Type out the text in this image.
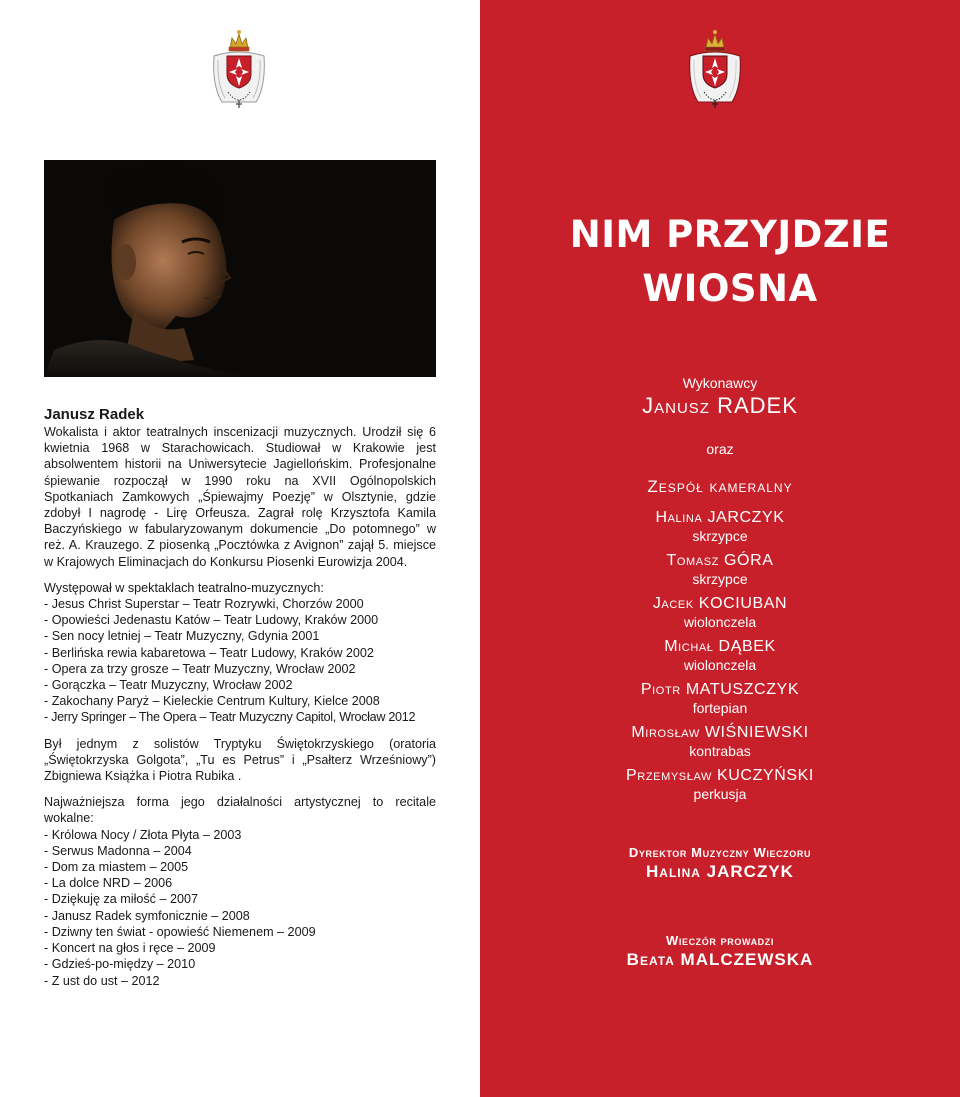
Janusz Radek

Wokalista i aktor teatralnych inscenizacji muzycznych. Urodził się 6 kwietnia 1968 w Starachowicach. Studiował w Krakowie jest absolwentem historii na Uniwersytecie Jagiellońskim. Profesjonalne śpiewanie rozpoczął w 1990 roku na XVII Ogólnopolskich Spotkaniach Zamkowych „Śpiewajmy Poezję” w Olsztynie, gdzie zdobył I nagrodę - Lirę Orfeusza. Zagrał rolę Krzysztofa Kamila Baczyńskiego w fabularyzowanym dokumencie „Do potomnego” w reż. A. Krauzego. Z piosenką „Pocztówka z Avignon” zajął 5. miejsce w Krajowych Eliminacjach do Konkursu Piosenki Eurowizja 2004.

Występował w spektaklach teatralno-muzycznych:

- Jesus Christ Superstar – Teatr Rozrywki, Chorzów 2000
- Opowieści Jedenastu Katów – Teatr Ludowy, Kraków 2000
- Sen nocy letniej – Teatr Muzyczny, Gdynia 2001
- Berlińska rewia kabaretowa – Teatr Ludowy, Kraków 2002
- Opera za trzy grosze – Teatr Muzyczny, Wrocław 2002
- Gorączka – Teatr Muzyczny, Wrocław 2002
- Zakochany Paryż – Kieleckie Centrum Kultury, Kielce 2008
- Jerry Springer – The Opera – Teatr Muzyczny Capitol, Wrocław 2012

Był jednym z solistów Tryptyku Świętokrzyskiego (oratoria „Świętokrzyska Golgota”, „Tu es Petrus” i „Psałterz Wrześniowy”) Zbigniewa Książka i Piotra Rubika .

Najważniejsza forma jego działalności artystycznej to recitale wokalne:

- Królowa Nocy / Złota Płyta – 2003
- Serwus Madonna – 2004
- Dom za miastem – 2005
- La dolce NRD – 2006
- Dziękuję za miłość – 2007
- Janusz Radek symfonicznie – 2008
- Dziwny ten świat - opowieść Niemenem – 2009
- Koncert na głos i ręce – 2009
- Gdzieś-po-między – 2010
- Z ust do ust – 2012
NIM PRZYJDZIE
WIOSNA
Wykonawcy
Janusz RADEK
oraz
Zespół kameralny
Halina JARCZYK
skrzypce
Tomasz GÓRA
skrzypce
Jacek KOCIUBAN
wiolonczela
Michał DĄBEK
wiolonczela
Piotr MATUSZCZYK
fortepian
Mirosław WIŚNIEWSKI
kontrabas
Przemysław KUCZYŃSKI
perkusja
Dyrektor Muzyczny Wieczoru
Halina JARCZYK
Wieczór prowadzi
Beata MALCZEWSKA
